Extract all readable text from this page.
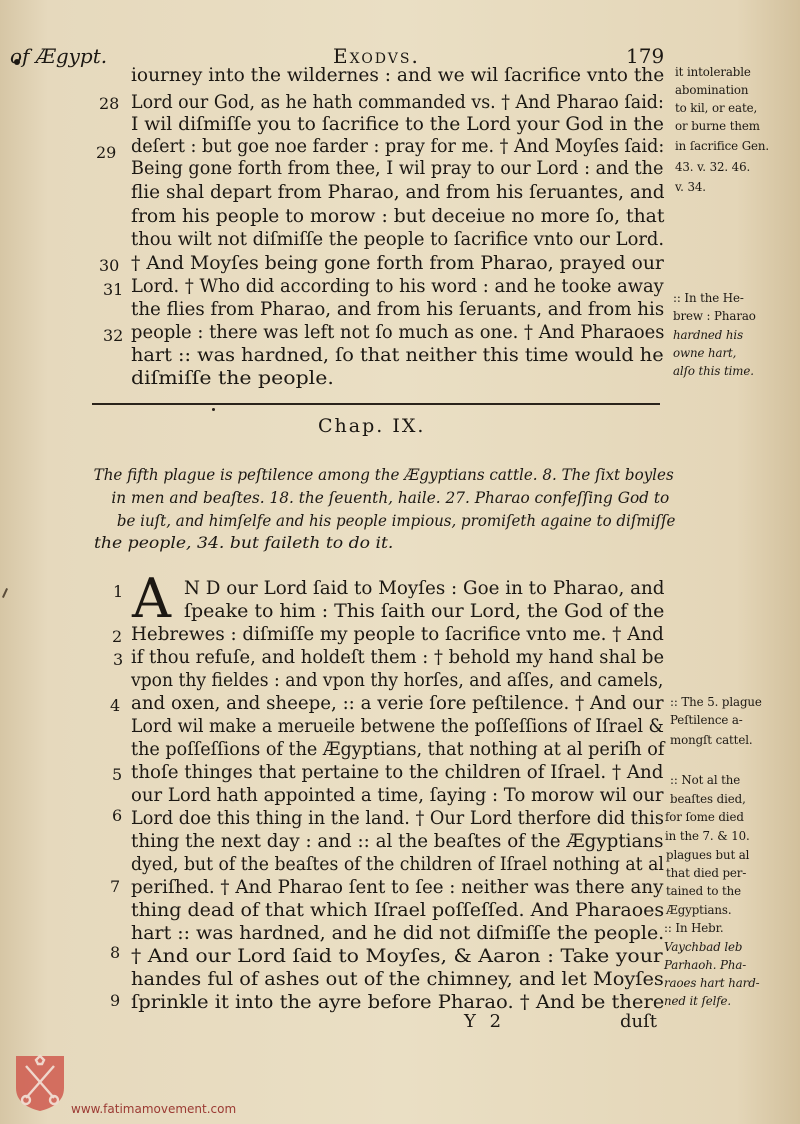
of Ægypt.	Exodvs.	179
iourney into the wildernes : and we wil ſacrifice vnto the
Lord our God, as he hath commanded vs. † And Pharao ſaid:
I wil diſmiſſe you to ſacrifice to the Lord your God in the
deſert : but goe noe farder : pray for me. † And Moyſes ſaid:
Being gone forth from thee, I wil pray to our Lord : and the
flie shal depart from Pharao, and from his ſeruantes, and
from his people to morow : but deceiue no more ſo, that
thou wilt not diſmiſſe the people to ſacrifice vnto our Lord.
† And Moyſes being gone forth from Pharao, prayed our
Lord. † Who did according to his word : and he tooke away
the flies from Pharao, and from his ſeruants, and from his
people : there was left not ſo much as one. † And Pharaoes
hart :: was hardned, ſo that neither this time would he
diſmiſſe the people.
28
29
30
31
32
it intolerable
abomination
to kil, or eate,
or burne them
in ſacrifice Gen.
43. v. 32. 46.
v. 34.
:: In the He-
brew : Pharao
hardned his
owne hart,
alſo this time.
Chap. IX.
The fifth plague is peſtilence among the Ægyptians cattle. 8. The ſixt boyles
in men and beaſtes. 18. the ſeuenth, haile. 27. Pharao confeſſing God to
be iuſt, and himſelfe and his people impious, promiſeth againe to diſmiſſe
the people, 34. but faileth to do it.
A N D our Lord ſaid to Moyſes : Goe in to Pharao, and
ſpeake to him : This ſaith our Lord, the God of the
Hebrewes : diſmiſſe my people to ſacrifice vnto me. † And
if thou refuſe, and holdeſt them : † behold my hand shal be
vpon thy fieldes : and vpon thy horſes, and aſſes, and camels,
and oxen, and sheepe, :: a verie ſore peſtilence. † And our
Lord wil make a merueile betwene the poſſeſſions of Iſrael &
the poſſeſſions of the Ægyptians, that nothing at al periſh of
thoſe thinges that pertaine to the children of Iſrael. † And
our Lord hath appointed a time, ſaying : To morow wil our
Lord doe this thing in the land. † Our Lord therfore did this
thing the next day : and :: al the beaſtes of the Ægyptians
dyed, but of the beaſtes of the children of Iſrael nothing at al
periſhed. † And Pharao ſent to ſee : neither was there any
thing dead of that which Iſrael poſſeſſed. And Pharaoes
hart :: was hardned, and he did not diſmiſſe the people.
† And our Lord ſaid to Moyſes, & Aaron : Take your
handes ful of ashes out of the chimney, and let Moyſes
ſprinkle it into the ayre before Pharao. † And be there
1
2
3
4
5
6
7
8
9
:: The 5. plague
Peſtilence a-
mongſt cattel.
:: Not al the
beaſtes died,
for ſome died
in the 7. & 10.
plagues but al
that died per-
tained to the
Ægyptians.
:: In Hebr.
Vaychbad leb
Parhaoh. Pha-
raoes hart hard-
ned it ſelfe.
Y 2	duſt
www.fatimamovement.com
